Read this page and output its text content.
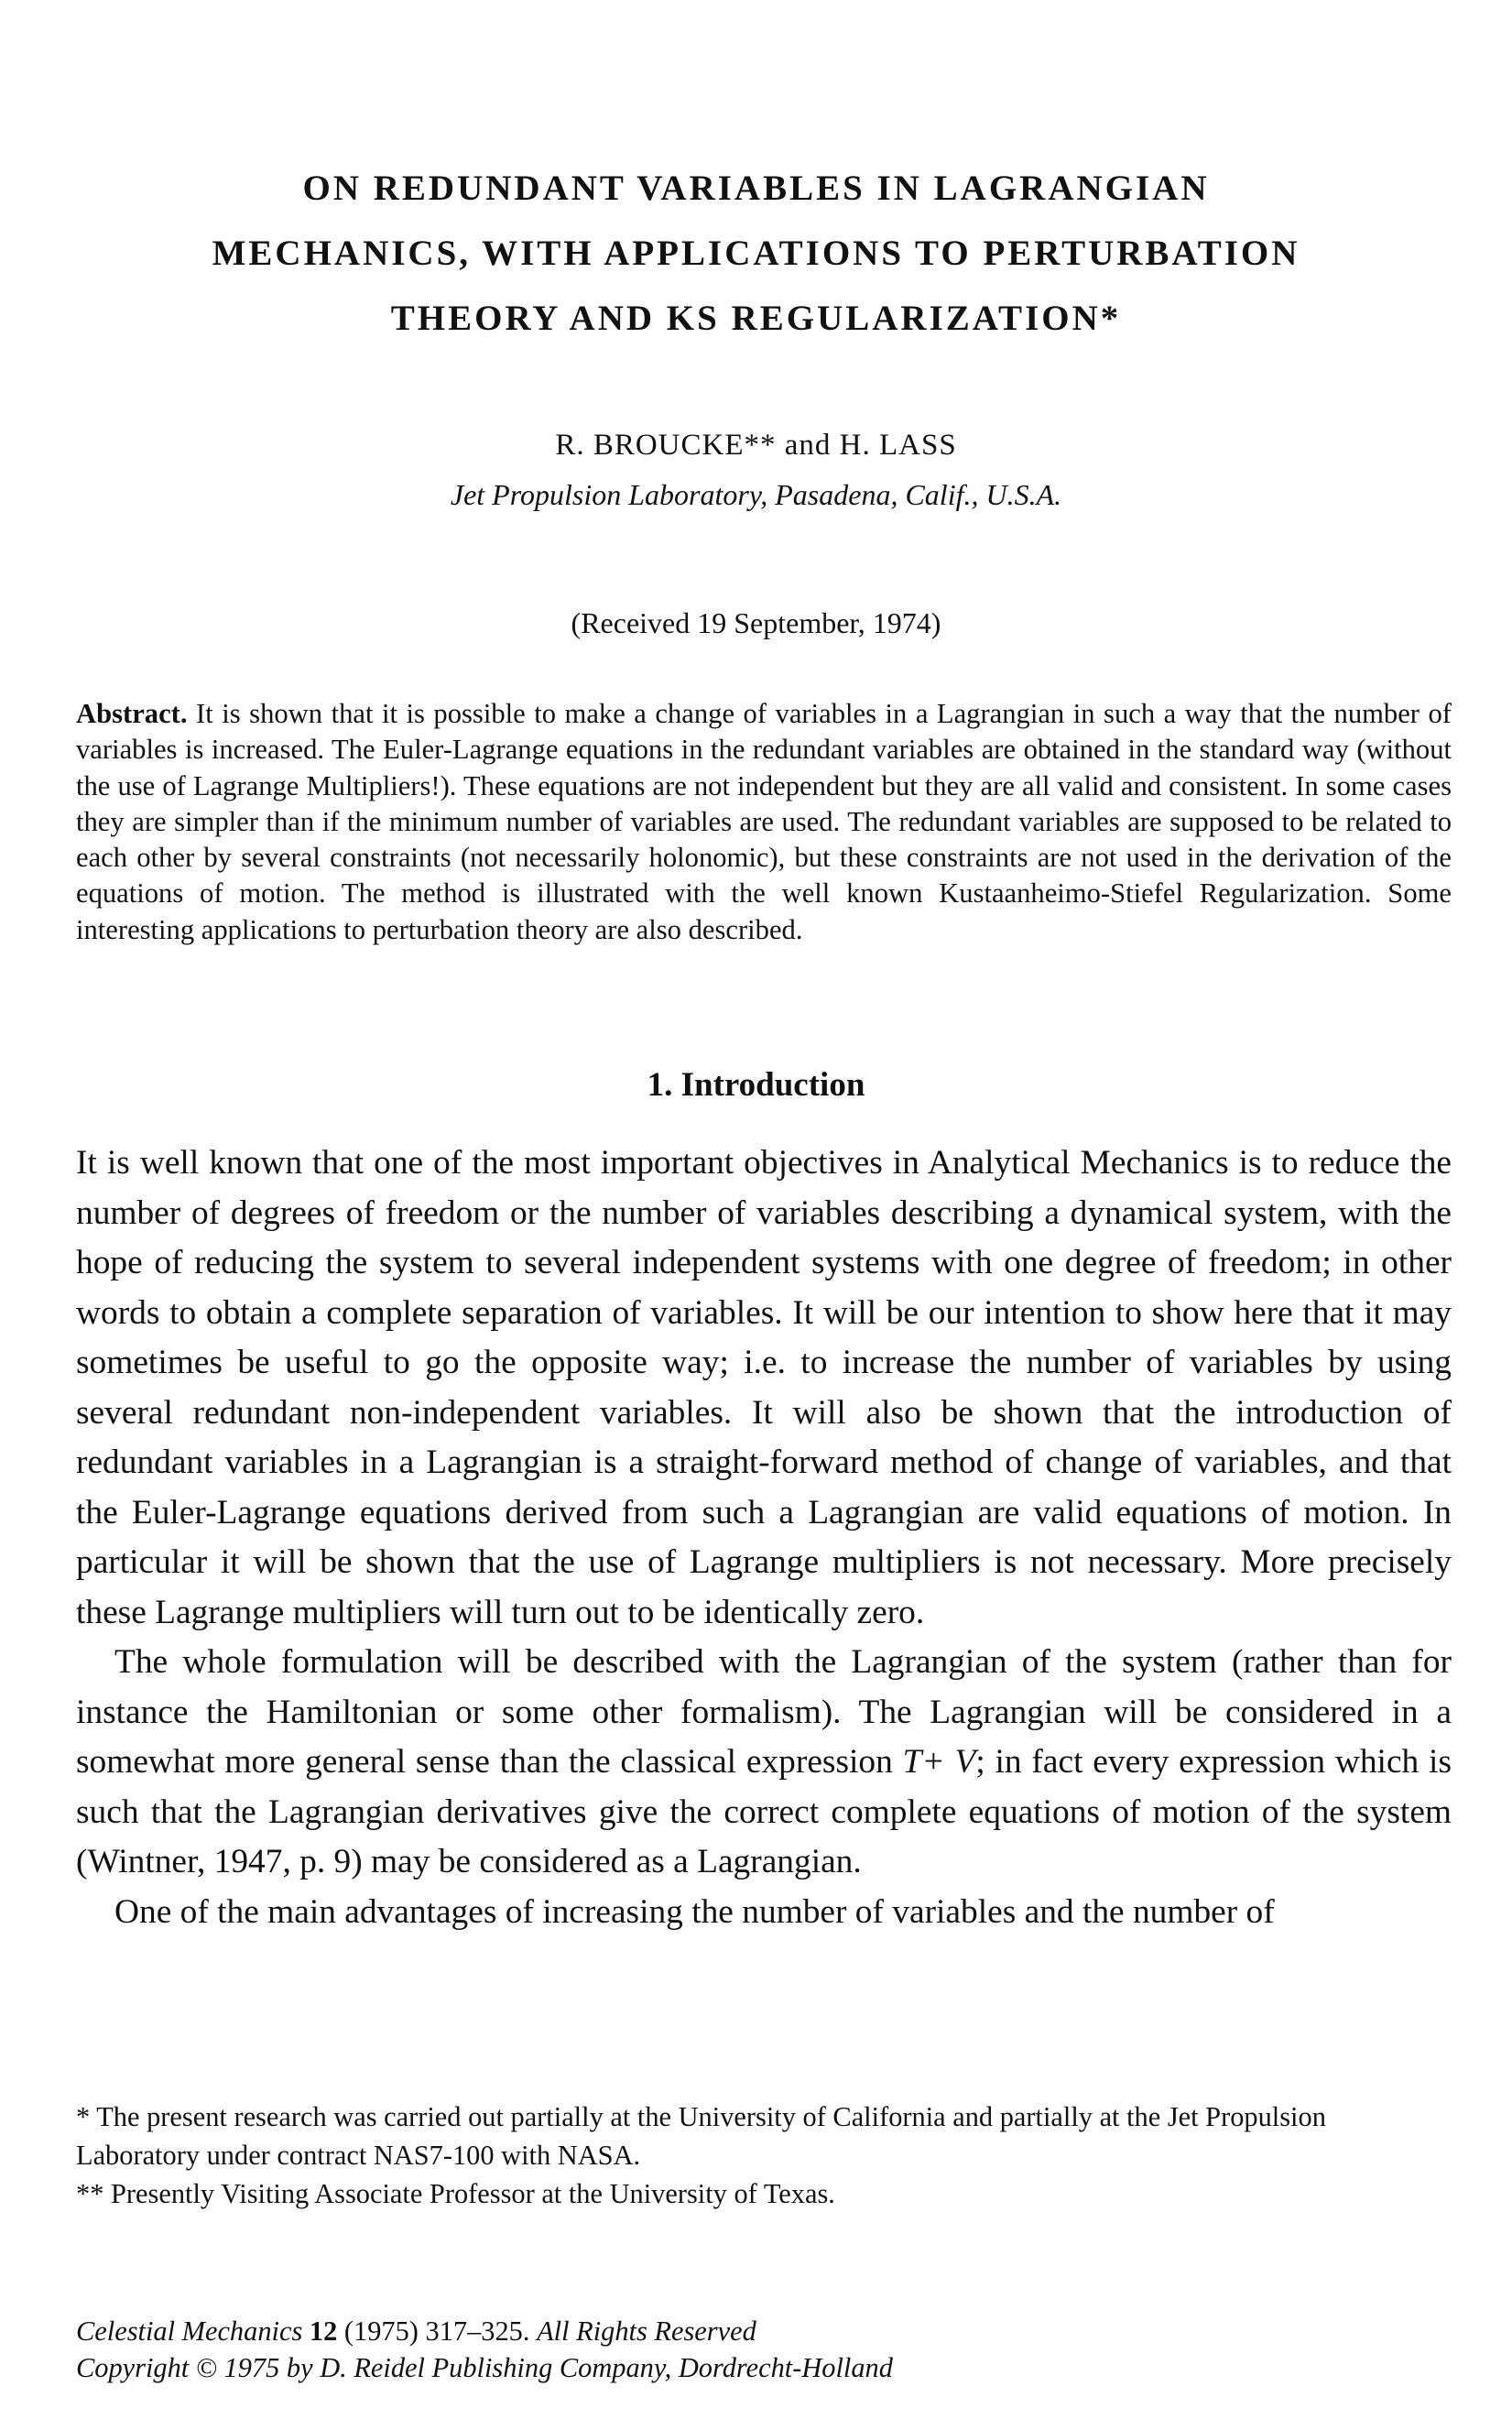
ON REDUNDANT VARIABLES IN LAGRANGIAN
MECHANICS, WITH APPLICATIONS TO PERTURBATION
THEORY AND KS REGULARIZATION*

R. BROUCKE** and H. LASS

Jet Propulsion Laboratory, Pasadena, Calif., U.S.A.

(Received 19 September, 1974)

Abstract. It is shown that it is possible to make a change of variables in a Lagrangian in such a way that the number of variables is increased. The Euler-Lagrange equations in the redundant variables are obtained in the standard way (without the use of Lagrange Multipliers!). These equations are not independent but they are all valid and consistent. In some cases they are simpler than if the minimum number of variables are used. The redundant variables are supposed to be related to each other by several constraints (not necessarily holonomic), but these constraints are not used in the derivation of the equations of motion. The method is illustrated with the well known Kustaanheimo-Stiefel Regularization. Some interesting applications to perturbation theory are also described.

1. Introduction

It is well known that one of the most important objectives in Analytical Mechanics is to reduce the number of degrees of freedom or the number of variables describing a dynamical system, with the hope of reducing the system to several independent systems with one degree of freedom; in other words to obtain a complete separation of variables. It will be our intention to show here that it may sometimes be useful to go the opposite way; i.e. to increase the number of variables by using several redundant non-independent variables. It will also be shown that the introduction of redundant variables in a Lagrangian is a straight-forward method of change of variables, and that the Euler-Lagrange equations derived from such a Lagrangian are valid equations of motion. In particular it will be shown that the use of Lagrange multipliers is not necessary. More precisely these Lagrange multipliers will turn out to be identically zero.

The whole formulation will be described with the Lagrangian of the system (rather than for instance the Hamiltonian or some other formalism). The Lagrangian will be considered in a somewhat more general sense than the classical expression T+ V; in fact every expression which is such that the Lagrangian derivatives give the correct complete equations of motion of the system (Wintner, 1947, p. 9) may be considered as a Lagrangian.

One of the main advantages of increasing the number of variables and the number of

* The present research was carried out partially at the University of California and partially at the Jet Propulsion Laboratory under contract NAS7-100 with NASA.

** Presently Visiting Associate Professor at the University of Texas.

Celestial Mechanics 12 (1975) 317–325. All Rights Reserved

Copyright © 1975 by D. Reidel Publishing Company, Dordrecht-Holland
